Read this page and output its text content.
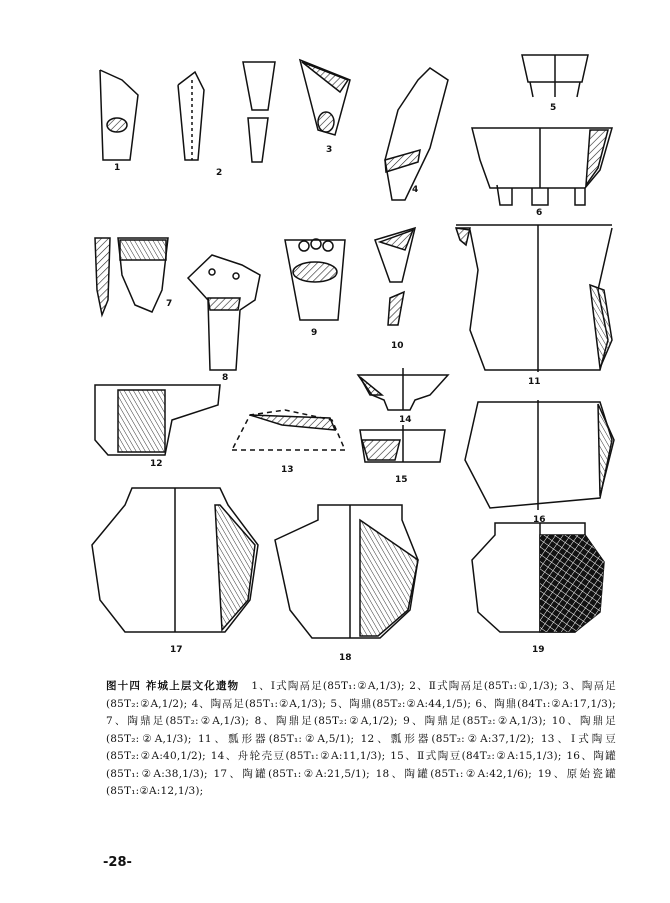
1	2
3
4
5
6
7
8
9
10
11
12
13
14
15
16
17
18
19
图十四 祚城上层文化遗物 1、Ⅰ式陶鬲足(85T₁:②A,1/3); 2、Ⅱ式陶鬲足(85T₁:①,1/3); 3、陶鬲足(85T₂:②A,1/2); 4、陶鬲足(85T₁:②A,1/3); 5、陶鼎(85T₂:②A:44,1/5); 6、陶鼎(84T₁:②A:17,1/3); 7、陶鼎足(85T₂:②A,1/3); 8、陶鼎足(85T₂:②A,1/2); 9、陶鼎足(85T₂:②A,1/3); 10、陶鼎足(85T₂:②A,1/3); 11、瓢形器(85T₁:②A,5/1); 12、瓢形器(85T₂:②A:37,1/2); 13、Ⅰ式陶豆(85T₂:②A:40,1/2); 14、舟轮壳豆(85T₁:②A:11,1/3); 15、Ⅱ式陶豆(84T₂:②A:15,1/3); 16、陶罐(85T₁:②A:38,1/3); 17、陶罐(85T₁:②A:21,5/1); 18、陶罐(85T₁:②A:42,1/6); 19、原始瓷罐(85T₁:②A:12,1/3);
-28-
